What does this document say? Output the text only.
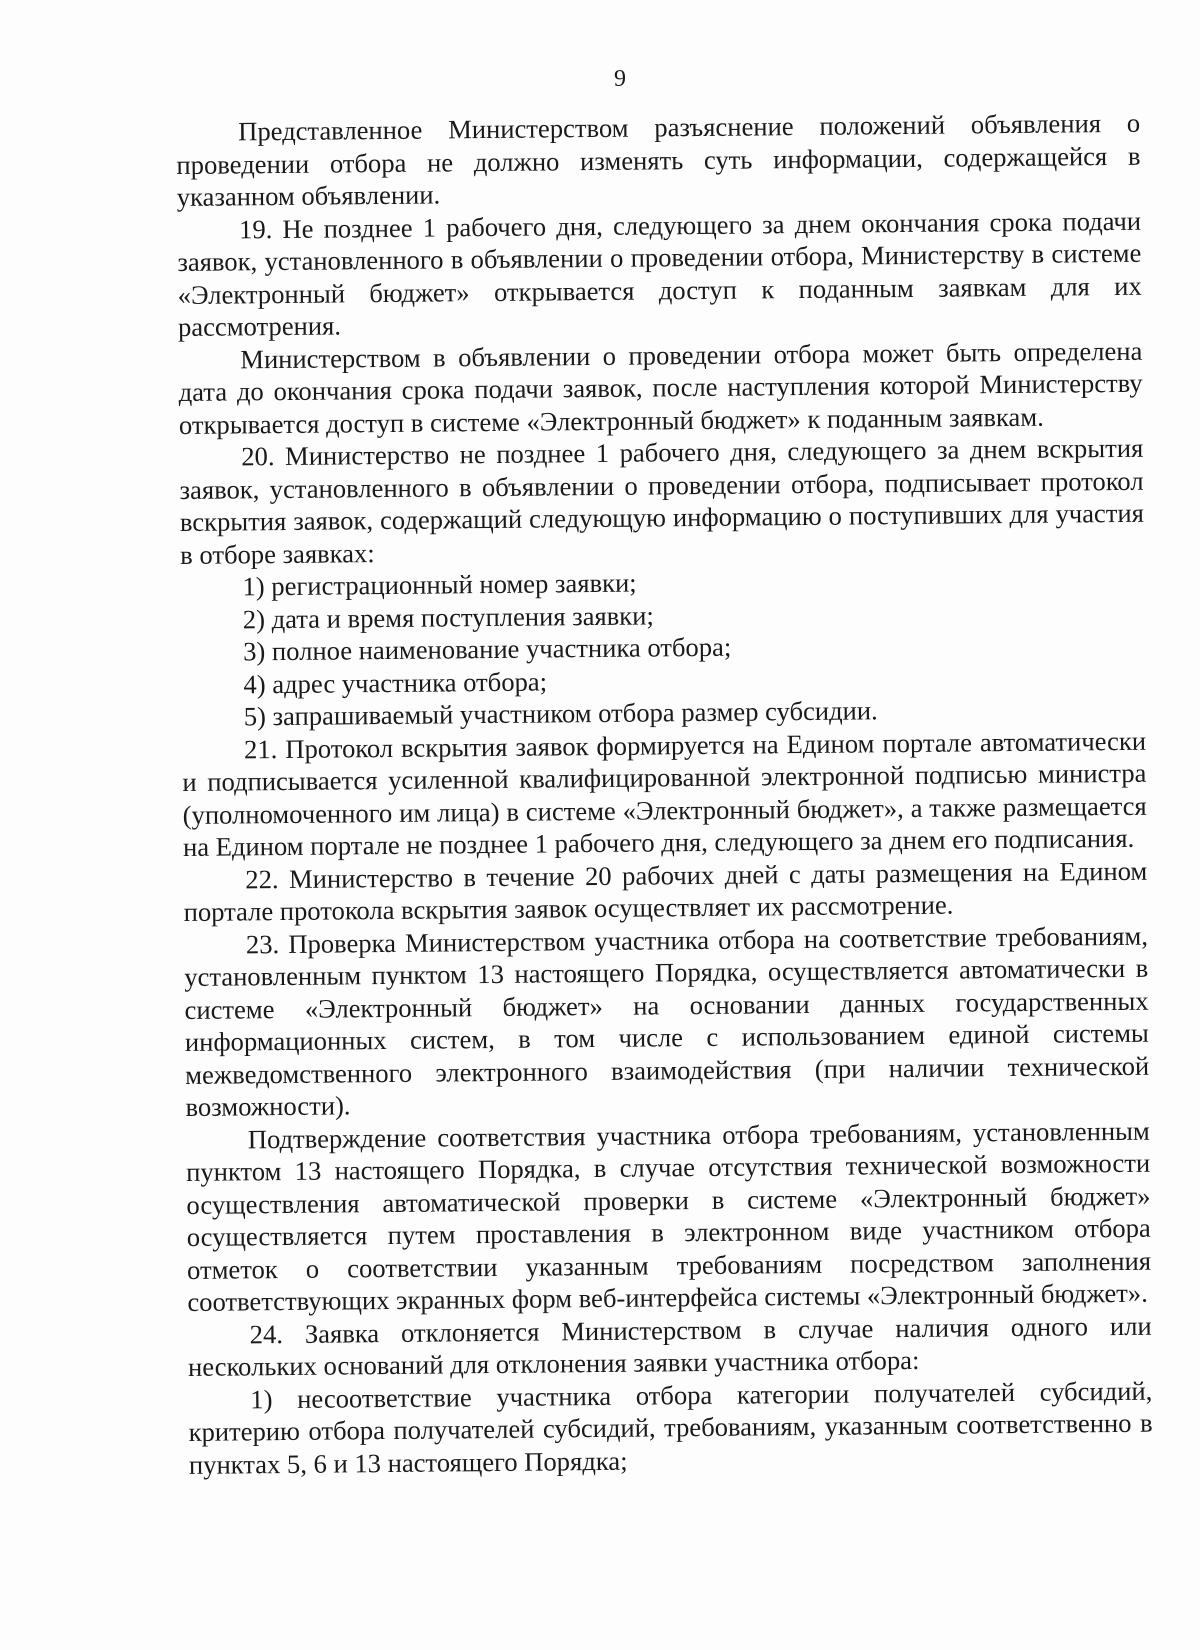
9

Представленное Министерством разъяснение положений объявления о проведении отбора не должно изменять суть информации, содержащейся в указанном объявлении.

19. Не позднее 1 рабочего дня, следующего за днем окончания срока подачи заявок, установленного в объявлении о проведении отбора, Министерству в системе «Электронный бюджет» открывается доступ к поданным заявкам для их рассмотрения.

Министерством в объявлении о проведении отбора может быть определена дата до окончания срока подачи заявок, после наступления которой Министерству открывается доступ в системе «Электронный бюджет» к поданным заявкам.

20. Министерство не позднее 1 рабочего дня, следующего за днем вскрытия заявок, установленного в объявлении о проведении отбора, подписывает протокол вскрытия заявок, содержащий следующую информацию о поступивших для участия в отборе заявках:

1) регистрационный номер заявки;

2) дата и время поступления заявки;

3) полное наименование участника отбора;

4) адрес участника отбора;

5) запрашиваемый участником отбора размер субсидии.

21. Протокол вскрытия заявок формируется на Едином портале автоматически и подписывается усиленной квалифицированной электронной подписью министра (уполномоченного им лица) в системе «Электронный бюджет», а также размещается на Едином портале не позднее 1 рабочего дня, следующего за днем его подписания.

22. Министерство в течение 20 рабочих дней с даты размещения на Едином портале протокола вскрытия заявок осуществляет их рассмотрение.

23. Проверка Министерством участника отбора на соответствие требованиям, установленным пунктом 13 настоящего Порядка, осуществляется автоматически в системе «Электронный бюджет» на основании данных государственных информационных систем, в том числе с использованием единой системы межведомственного электронного взаимодействия (при наличии технической возможности).

Подтверждение соответствия участника отбора требованиям, установленным пунктом 13 настоящего Порядка, в случае отсутствия технической возможности осуществления автоматической проверки в системе «Электронный бюджет» осуществляется путем проставления в электронном виде участником отбора отметок о соответствии указанным требованиям посредством заполнения соответствующих экранных форм веб-интерфейса системы «Электронный бюджет».

24. Заявка отклоняется Министерством в случае наличия одного или нескольких оснований для отклонения заявки участника отбора:

1) несоответствие участника отбора категории получателей субсидий, критерию отбора получателей субсидий, требованиям, указанным соответственно в пунктах 5, 6 и 13 настоящего Порядка;
